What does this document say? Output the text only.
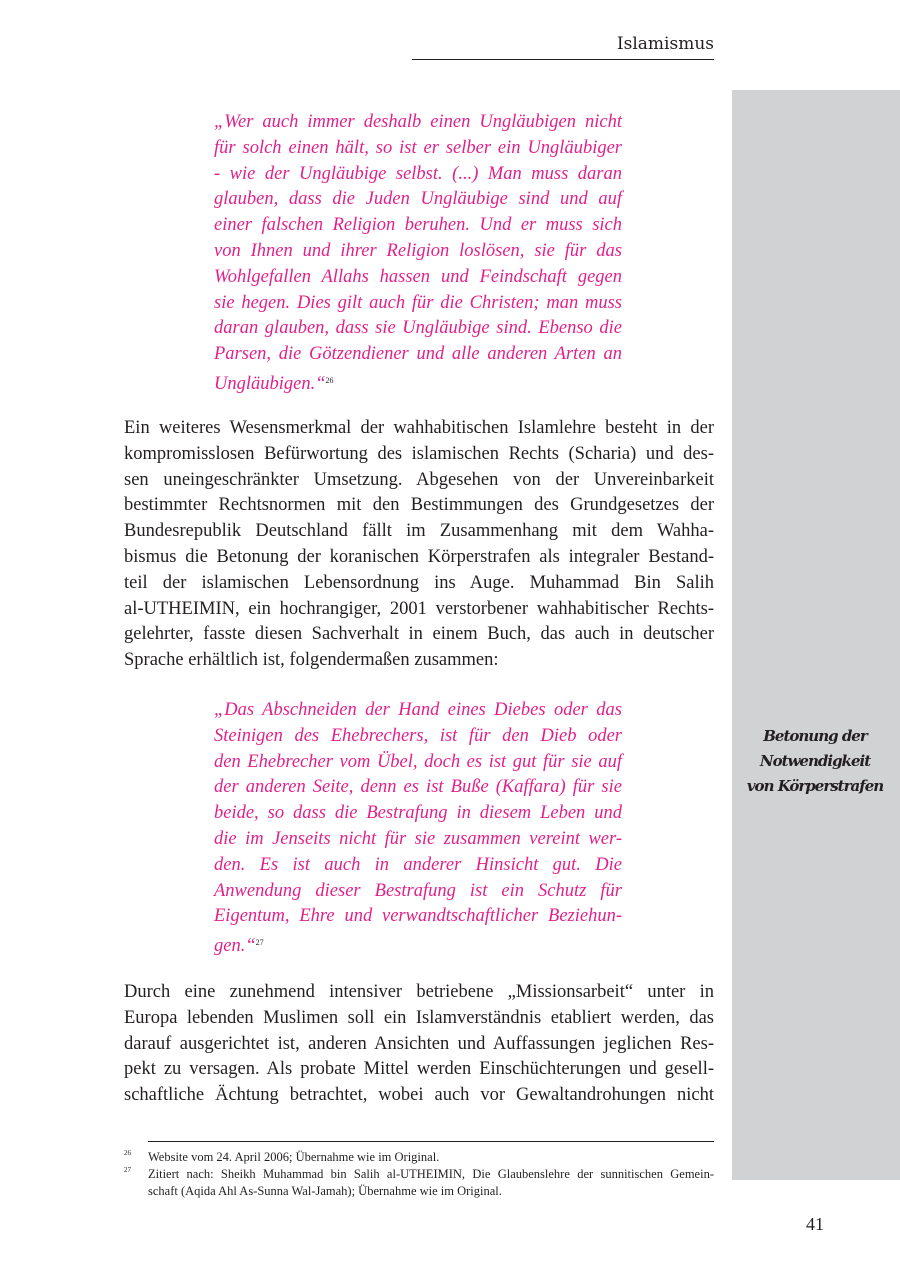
Islamismus
Betonung der
Notwendigkeit
von Körperstrafen
„Wer auch immer deshalb einen Ungläubigen nicht
für solch einen hält, so ist er selber ein Ungläubiger
- wie der Ungläubige selbst. (...) Man muss daran
glauben, dass die Juden Ungläubige sind und auf
einer falschen Religion beruhen. Und er muss sich
von Ihnen und ihrer Religion loslösen, sie für das
Wohlgefallen Allahs hassen und Feindschaft gegen
sie hegen. Dies gilt auch für die Christen; man muss
daran glauben, dass sie Ungläubige sind. Ebenso die
Parsen, die Götzendiener und alle anderen Arten an
Ungläubigen.“$^{26}$
Ein weiteres Wesensmerkmal der wahhabitischen Islamlehre besteht in der
kompromisslosen Befürwortung des islamischen Rechts (Scharia) und des-
sen uneingeschränkter Umsetzung. Abgesehen von der Unvereinbarkeit
bestimmter Rechtsnormen mit den Bestimmungen des Grundgesetzes der
Bundesrepublik Deutschland fällt im Zusammenhang mit dem Wahha-
bismus die Betonung der koranischen Körperstrafen als integraler Bestand-
teil der islamischen Lebensordnung ins Auge. Muhammad Bin Salih
al-UTHEIMIN, ein hochrangiger, 2001 verstorbener wahhabitischer Rechts-
gelehrter, fasste diesen Sachverhalt in einem Buch, das auch in deutscher
Sprache erhältlich ist, folgendermaßen zusammen:
„Das Abschneiden der Hand eines Diebes oder das
Steinigen des Ehebrechers, ist für den Dieb oder
den Ehebrecher vom Übel, doch es ist gut für sie auf
der anderen Seite, denn es ist Buße (Kaffara) für sie
beide, so dass die Bestrafung in diesem Leben und
die im Jenseits nicht für sie zusammen vereint wer-
den. Es ist auch in anderer Hinsicht gut. Die
Anwendung dieser Bestrafung ist ein Schutz für
Eigentum, Ehre und verwandtschaftlicher Beziehun-
gen.“$^{27}$
Durch eine zunehmend intensiver betriebene „Missionsarbeit“ unter in
Europa lebenden Muslimen soll ein Islamverständnis etabliert werden, das
darauf ausgerichtet ist, anderen Ansichten und Auffassungen jeglichen Res-
pekt zu versagen. Als probate Mittel werden Einschüchterungen und gesell-
schaftliche Ächtung betrachtet, wobei auch vor Gewaltandrohungen nicht
26 Website vom 24. April 2006; Übernahme wie im Original.
27 Zitiert nach: Sheikh Muhammad bin Salih al-UTHEIMIN, Die Glaubenslehre der sunnitischen Gemein-
schaft (Aqida Ahl As-Sunna Wal-Jamah); Übernahme wie im Original.
41
